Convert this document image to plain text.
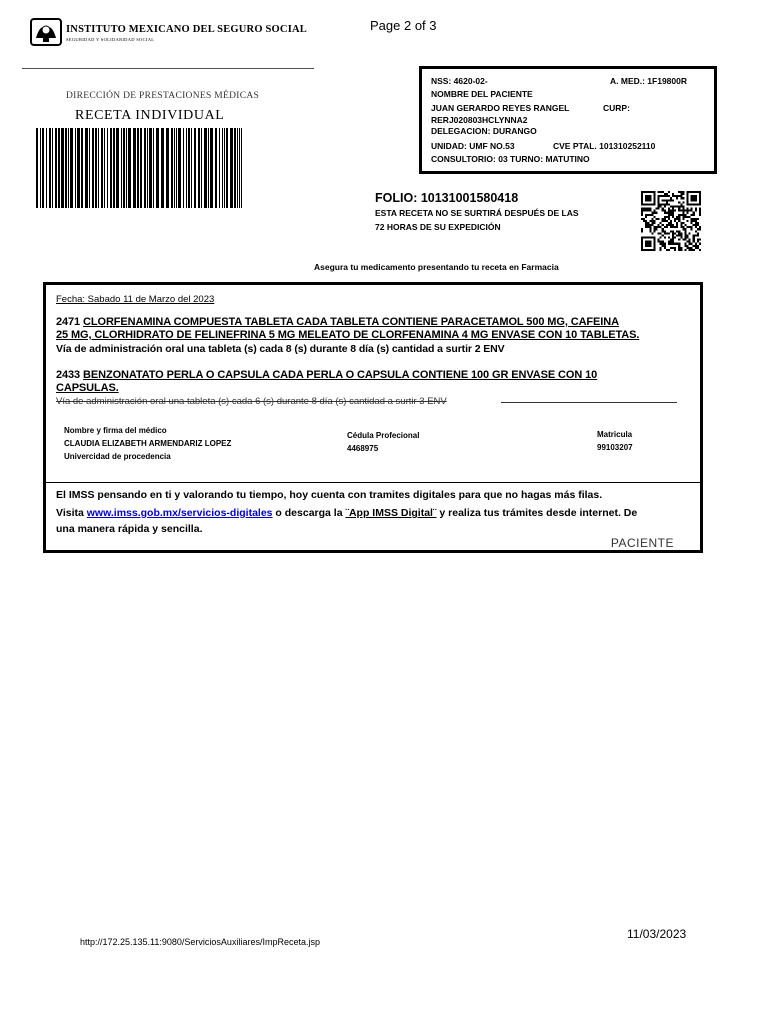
INSTITUTO MEXICANO DEL SEGURO SOCIAL
SEGURIDAD Y SOLIDARIDAD SOCIAL
Page 2 of 3
DIRECCIÓN DE PRESTACIONES MÉDICAS
RECETA INDIVIDUAL
NSS: 4620-02-	A. MED.: 1F19800R
NOMBRE DEL PACIENTE
JUAN GERARDO REYES RANGEL	CURP:
RERJ020803HCLYNNA2
DELEGACION: DURANGO
UNIDAD: UMF NO.53	CVE PTAL. 101310252110
CONSULTORIO: 03 TURNO: MATUTINO
FOLIO: 10131001580418
ESTA RECETA NO SE SURTIRÁ DESPUÉS DE LAS
72 HORAS DE SU EXPEDICIÓN
Asegura tu medicamento presentando tu receta en Farmacia
Fecha: Sabado 11 de Marzo del 2023
2471 CLORFENAMINA COMPUESTA TABLETA CADA TABLETA CONTIENE PARACETAMOL 500 MG, CAFEINA
25 MG, CLORHIDRATO DE FELINEFRINA 5 MG MELEATO DE CLORFENAMINA 4 MG ENVASE CON 10 TABLETAS.
Vía de administración oral una tableta (s) cada 8 (s) durante 8 día (s) cantidad a surtir 2 ENV
2433 BENZONATATO PERLA O CAPSULA CADA PERLA O CAPSULA CONTIENE 100 GR ENVASE CON 10
CAPSULAS.
Vía de administración oral una tableta (s) cada 6 (s) durante 8 día (s) cantidad a surtir 3 ENV
Nombre y firma del médico
CLAUDIA ELIZABETH ARMENDARIZ LOPEZ
Univercidad de procedencia
Cédula Profecional
4468975
Matricula
99103207
El IMSS pensando en ti y valorando tu tiempo, hoy cuenta con tramites digitales para que no hagas más filas.
Visita www.imss.gob.mx/servicios-digitales o descarga la ¨App IMSS Digital¨ y realiza tus trámites desde internet. De
una manera rápida y sencilla.
PACIENTE
http://172.25.135.11:9080/ServiciosAuxiliares/ImpReceta.jsp
11/03/2023
